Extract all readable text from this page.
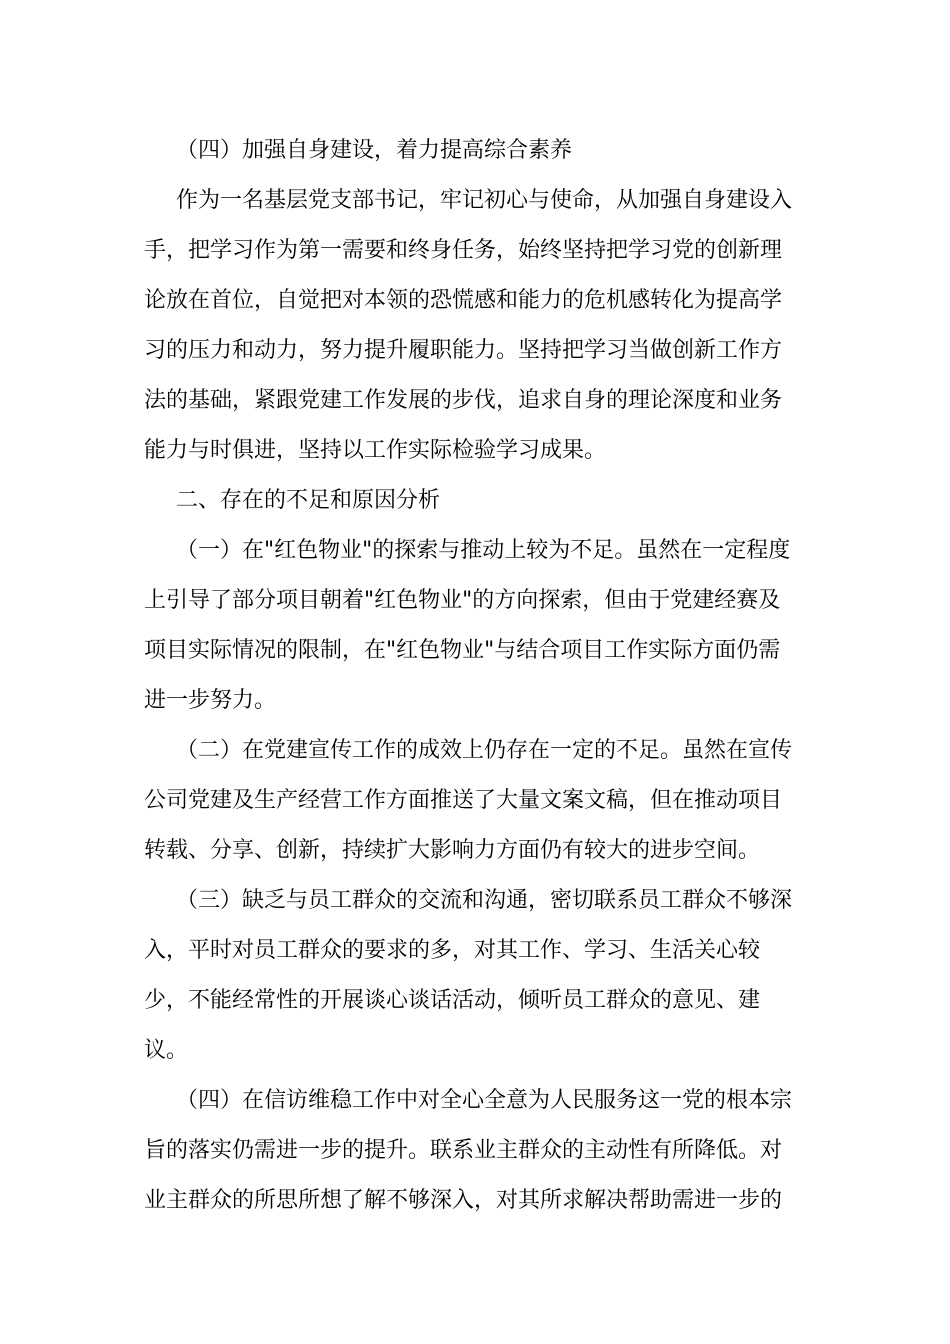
（四）加强自身建设，着力提高综合素养
作为一名基层党支部书记，牢记初心与使命，从加强自身建设入
手，把学习作为第一需要和终身任务，始终坚持把学习党的创新理
论放在首位，自觉把对本领的恐慌感和能力的危机感转化为提高学
习的压力和动力，努力提升履职能力。坚持把学习当做创新工作方
法的基础，紧跟党建工作发展的步伐，追求自身的理论深度和业务
能力与时俱进，坚持以工作实际检验学习成果。
二、存在的不足和原因分析
（一）在"红色物业"的探索与推动上较为不足。虽然在一定程度
上引导了部分项目朝着"红色物业"的方向探索，但由于党建经赛及
项目实际情况的限制，在"红色物业"与结合项目工作实际方面仍需
进一步努力。
（二）在党建宣传工作的成效上仍存在一定的不足。虽然在宣传
公司党建及生产经营工作方面推送了大量文案文稿，但在推动项目
转载、分享、创新，持续扩大影响力方面仍有较大的进步空间。
（三）缺乏与员工群众的交流和沟通，密切联系员工群众不够深
入，平时对员工群众的要求的多，对其工作、学习、生活关心较
少，不能经常性的开展谈心谈话活动，倾听员工群众的意见、建
议。
（四）在信访维稳工作中对全心全意为人民服务这一党的根本宗
旨的落实仍需进一步的提升。联系业主群众的主动性有所降低。对
业主群众的所思所想了解不够深入，对其所求解决帮助需进一步的
